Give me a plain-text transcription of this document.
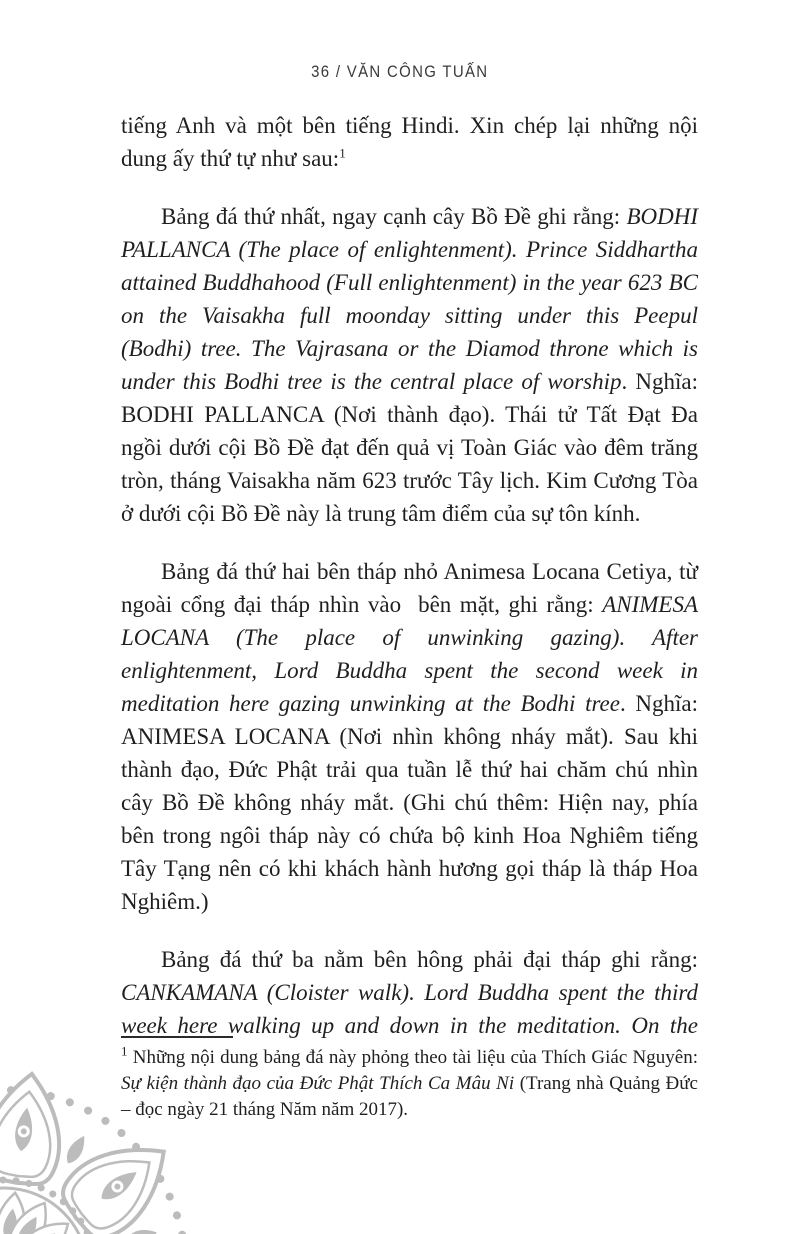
36 / VĂN CÔNG TUẤN

tiếng Anh và một bên tiếng Hindi. Xin chép lại những nội dung ấy thứ tự như sau:$^1$

Bảng đá thứ nhất, ngay cạnh cây Bồ Đề ghi rằng: BODHI PALLANCA (The place of enlightenment). Prince Siddhartha attained Buddhahood (Full enlightenment) in the year 623 BC on the Vaisakha full moonday sitting under this Peepul (Bodhi) tree. The Vajrasana or the Diamod throne which is under this Bodhi tree is the central place of worship. Nghĩa: BODHI PALLANCA (Nơi thành đạo). Thái tử Tất Đạt Đa ngồi dưới cội Bồ Đề đạt đến quả vị Toàn Giác vào đêm trăng tròn, tháng Vaisakha năm 623 trước Tây lịch. Kim Cương Tòa ở dưới cội Bồ Đề này là trung tâm điểm của sự tôn kính.

Bảng đá thứ hai bên tháp nhỏ Animesa Locana Cetiya, từ ngoài cổng đại tháp nhìn vào  bên mặt, ghi rằng: ANIMESA LOCANA (The place of unwinking gazing). After enlightenment, Lord Buddha spent the second week in meditation here gazing unwinking at the Bodhi tree. Nghĩa: ANIMESA LOCANA (Nơi nhìn không nháy mắt). Sau khi thành đạo, Đức Phật trải qua tuần lễ thứ hai chăm chú nhìn cây Bồ Đề không nháy mắt. (Ghi chú thêm: Hiện nay, phía bên trong ngôi tháp này có chứa bộ kinh Hoa Nghiêm tiếng Tây Tạng nên có khi khách hành hương gọi tháp là tháp Hoa Nghiêm.)

Bảng đá thứ ba nằm bên hông phải đại tháp ghi rằng: CANKAMANA (Cloister walk). Lord Buddha spent the third week here walking up and down in the meditation. On the

$^1$ Những nội dung bảng đá này phỏng theo tài liệu của Thích Giác Nguyên: Sự kiện thành đạo của Đức Phật Thích Ca Mâu Ni (Trang nhà Quảng Đức – đọc ngày 21 tháng Năm năm 2017).
